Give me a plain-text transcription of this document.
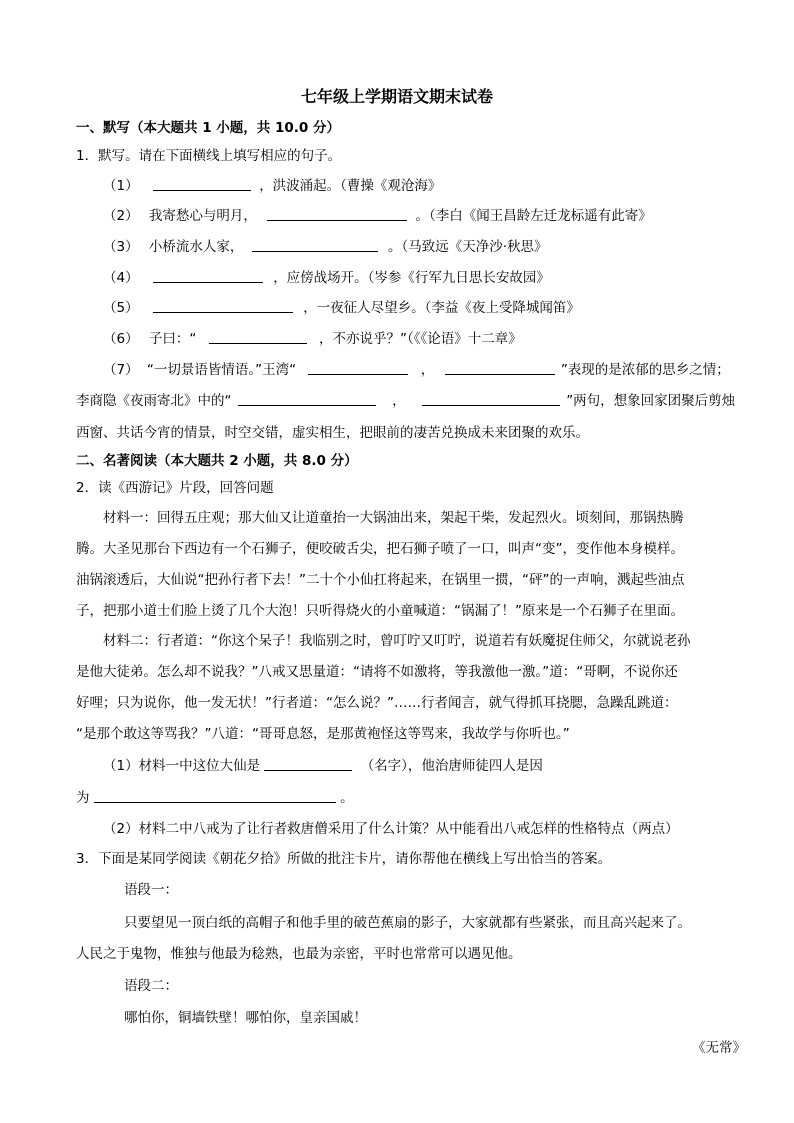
七年级上学期语文期末试卷
一、默写（本大题共 1 小题，共 10.0 分）
1．默写。请在下面横线上填写相应的句子。
（1）	，洪波涌起。（曹操《观沧海》
（2） 我寄愁心与明月，	。（李白《闻王昌龄左迁龙标遥有此寄》
（3） 小桥流水人家，	。（马致远《天净沙·秋思》
（4）	，应傍战场开。（岑参《行军九日思长安故园》
（5）	，一夜征人尽望乡。（李益《夜上受降城闻笛》
（6） 子曰：“	，不亦说乎？”（《《论语》十二章》
（7） “一切景语皆情语。”王湾“	，	”表现的是浓郁的思乡之情；
李商隐《夜雨寄北》中的“	，	”两句，想象回家团聚后剪烛
西窗、共话今宵的情景，时空交错，虚实相生，把眼前的凄苦兑换成未来团聚的欢乐。
二、名著阅读（本大题共 2 小题，共 8.0 分）
2．读《西游记》片段，回答问题
材料一：回得五庄观；那大仙又让道童抬一大锅油出来，架起干柴，发起烈火。顷刻间，那锅热腾
腾。大圣见那台下西边有一个石狮子，便咬破舌尖，把石狮子喷了一口，叫声“变”，变作他本身模样。
油锅滚透后，大仙说“把孙行者下去！”二十个小仙扛将起来，在锅里一掼，“砰”的一声响，溅起些油点
子，把那小道士们脸上烫了几个大泡！只听得烧火的小童喊道：“锅漏了！”原来是一个石狮子在里面。
材料二：行者道：“你这个呆子！我临别之时，曾叮咛又叮咛，说道若有妖魔捉住师父，尔就说老孙
是他大徒弟。怎么却不说我？”八戒又思量道：“请将不如激将，等我激他一激。”道：“哥啊，不说你还
好哩；只为说你，他一发无状！”行者道：“怎么说？”……行者闻言，就气得抓耳挠腮，急躁乱跳道：
“是那个敢这等骂我？”八道：“哥哥息怒，是那黄袍怪这等骂来，我故学与你听也。”
（1）材料一中这位大仙是	（名字），他治唐师徒四人是因
为	。
（2）材料二中八戒为了让行者救唐僧采用了什么计策？从中能看出八戒怎样的性格特点（两点）
3．下面是某同学阅读《朝花夕拾》所做的批注卡片，请你帮他在横线上写出恰当的答案。
语段一：
只要望见一顶白纸的高帽子和他手里的破芭蕉扇的影子，大家就都有些紧张，而且高兴起来了。
人民之于鬼物，惟独与他最为稔熟，也最为亲密，平时也常常可以遇见他。
语段二：
哪怕你，铜墙铁壁！哪怕你，皇亲国戚！
《无常》
